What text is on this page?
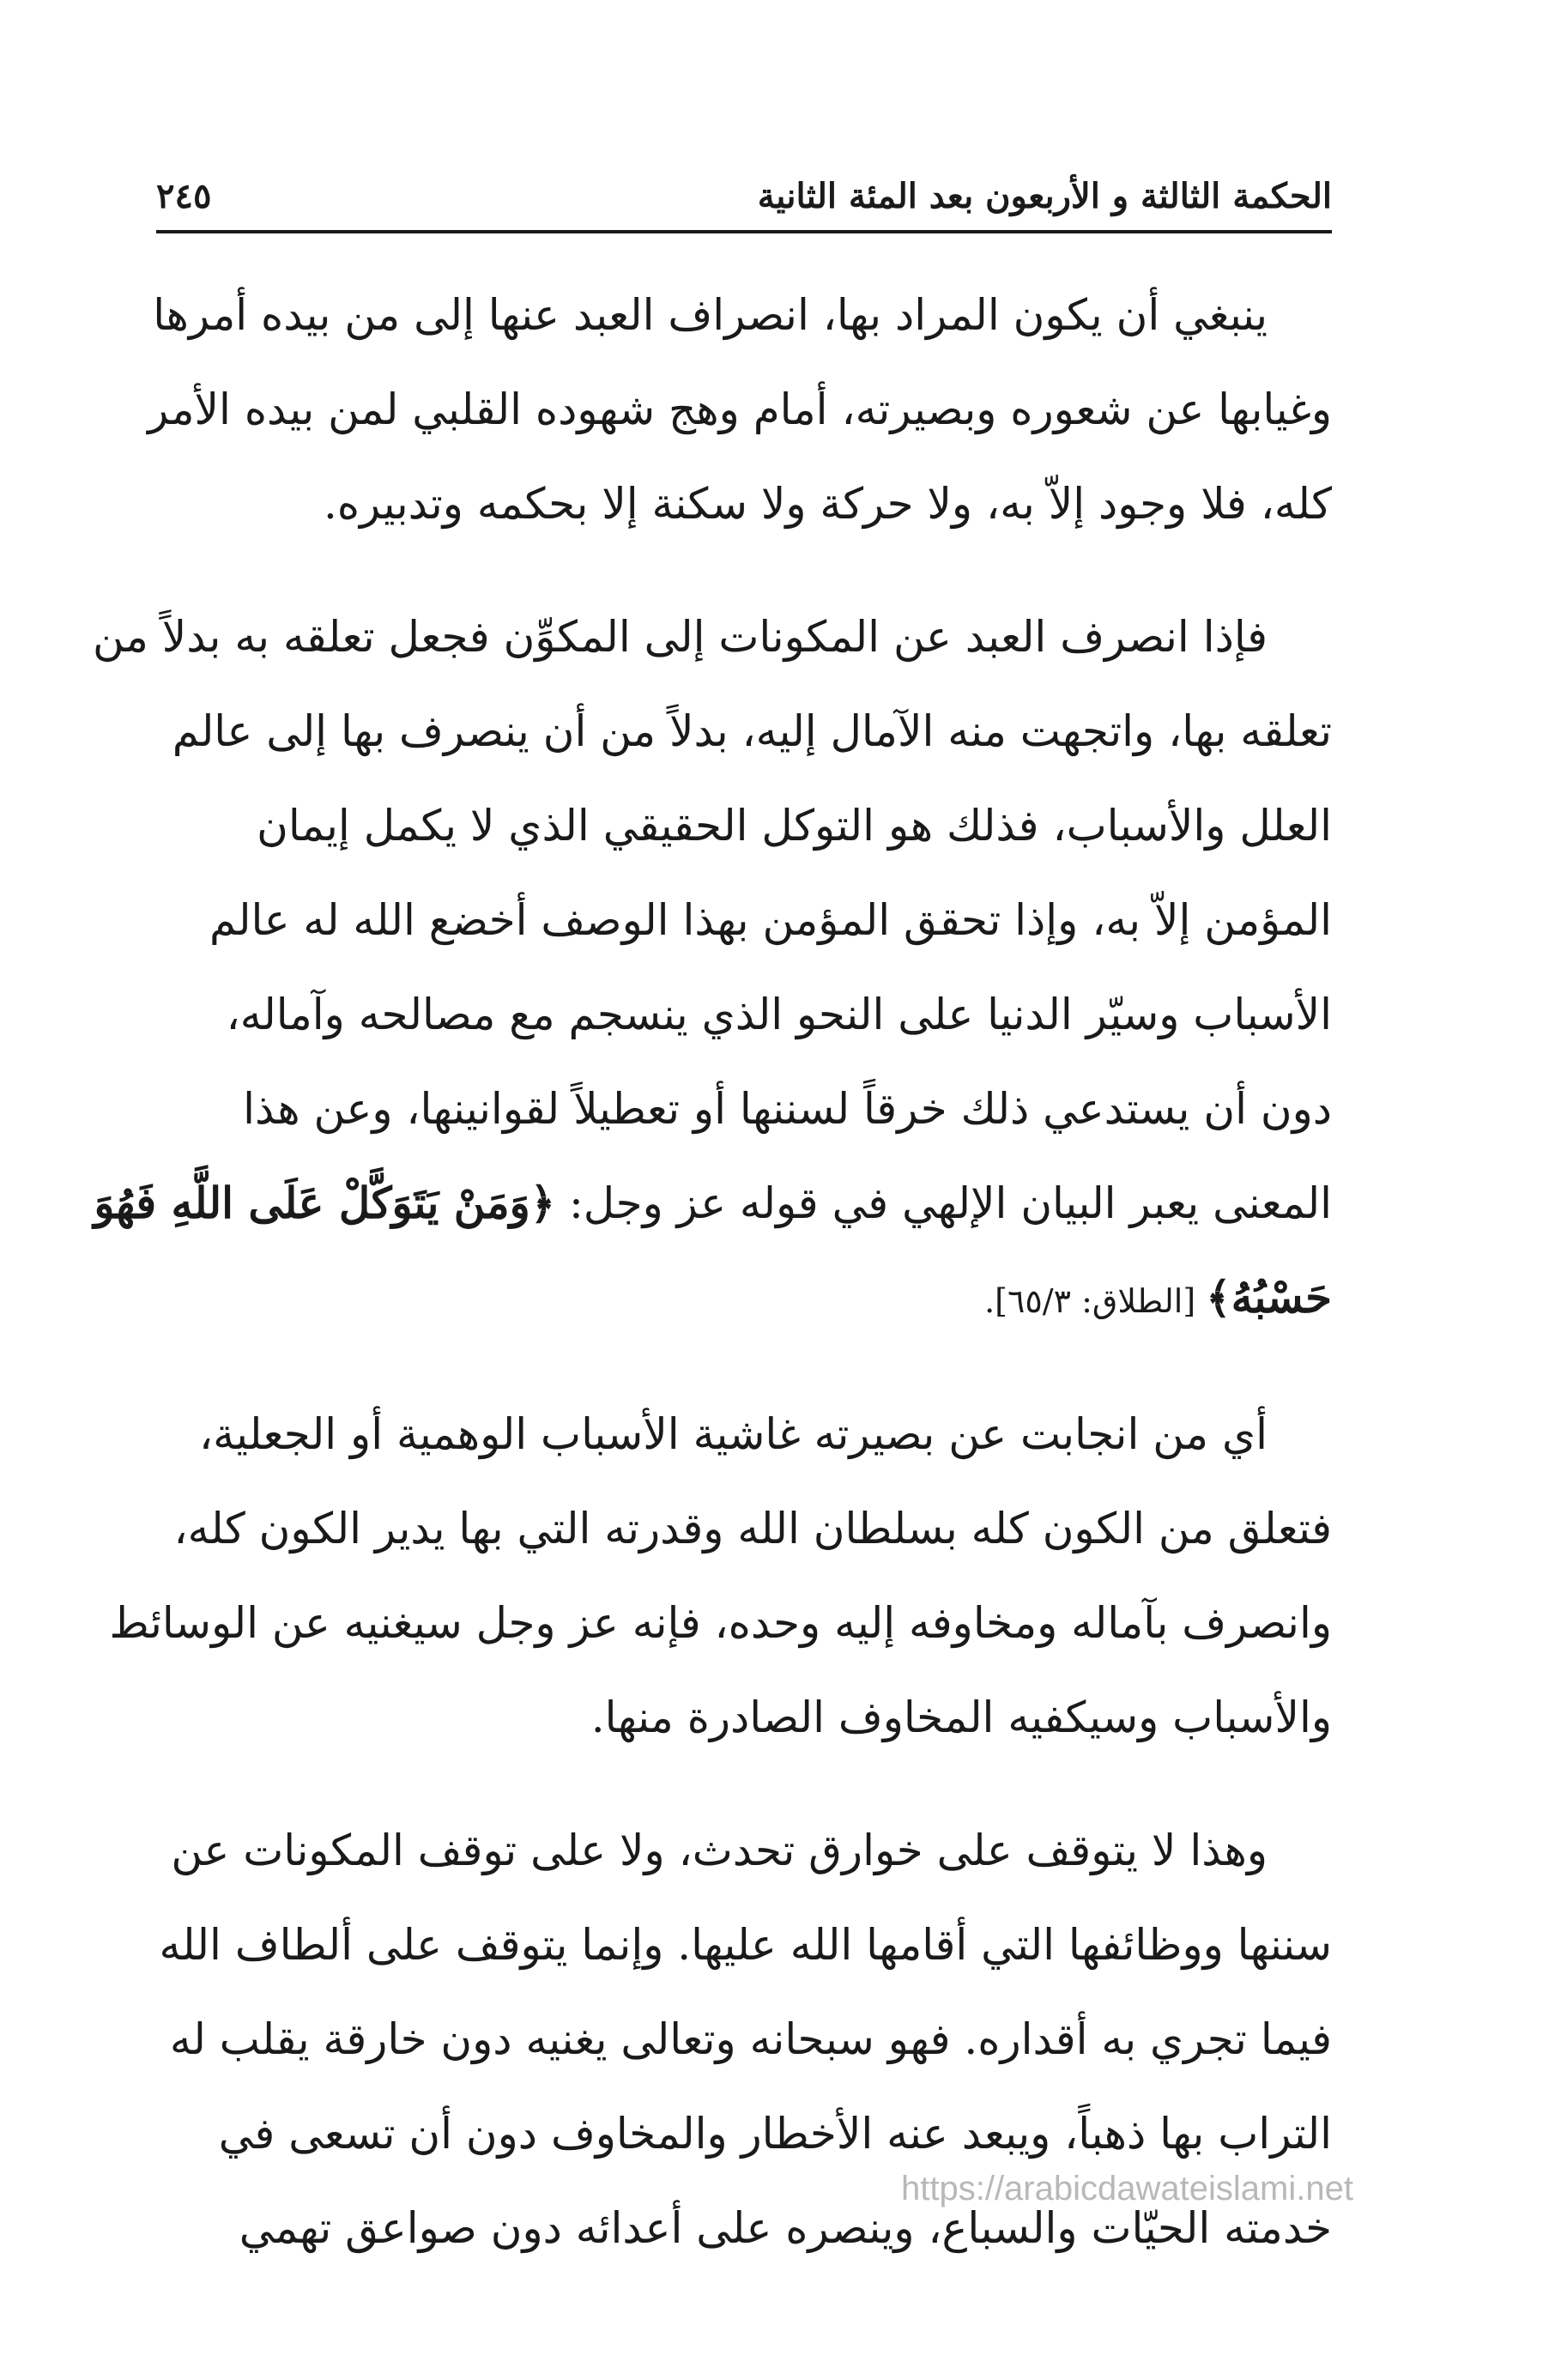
الحكمة الثالثة و الأربعون بعد المئة الثانية
٢٤٥

ينبغي أن يكون المراد بها، انصراف العبد عنها إلى من بيده أمرها
وغيابها عن شعوره وبصيرته، أمام وهج شهوده القلبي لمن بيده الأمر
كله، فلا وجود إلاّ به، ولا حركة ولا سكنة إلا بحكمه وتدبيره.

فإذا انصرف العبد عن المكونات إلى المكوِّن فجعل تعلقه به بدلاً من
تعلقه بها، واتجهت منه الآمال إليه، بدلاً من أن ينصرف بها إلى عالم
العلل والأسباب، فذلك هو التوكل الحقيقي الذي لا يكمل إيمان
المؤمن إلاّ به، وإذا تحقق المؤمن بهذا الوصف أخضع الله له عالم
الأسباب وسيّر الدنيا على النحو الذي ينسجم مع مصالحه وآماله،
دون أن يستدعي ذلك خرقاً لسننها أو تعطيلاً لقوانينها، وعن هذا
المعنى يعبر البيان الإلهي في قوله عز وجل: ﴿وَمَنْ يَتَوَكَّلْ عَلَى اللَّهِ فَهُوَ
حَسْبُهُ﴾ [الطلاق: ٦٥/٣].

أي من انجابت عن بصيرته غاشية الأسباب الوهمية أو الجعلية،
فتعلق من الكون كله بسلطان الله وقدرته التي بها يدير الكون كله،
وانصرف بآماله ومخاوفه إليه وحده، فإنه عز وجل سيغنيه عن الوسائط
والأسباب وسيكفيه المخاوف الصادرة منها.

وهذا لا يتوقف على خوارق تحدث، ولا على توقف المكونات عن
سننها ووظائفها التي أقامها الله عليها. وإنما يتوقف على ألطاف الله
فيما تجري به أقداره. فهو سبحانه وتعالى يغنيه دون خارقة يقلب له
التراب بها ذهباً، ويبعد عنه الأخطار والمخاوف دون أن تسعى في
خدمته الحيّات والسباع، وينصره على أعدائه دون صواعق تهمي

https://arabicdawateislami.net
